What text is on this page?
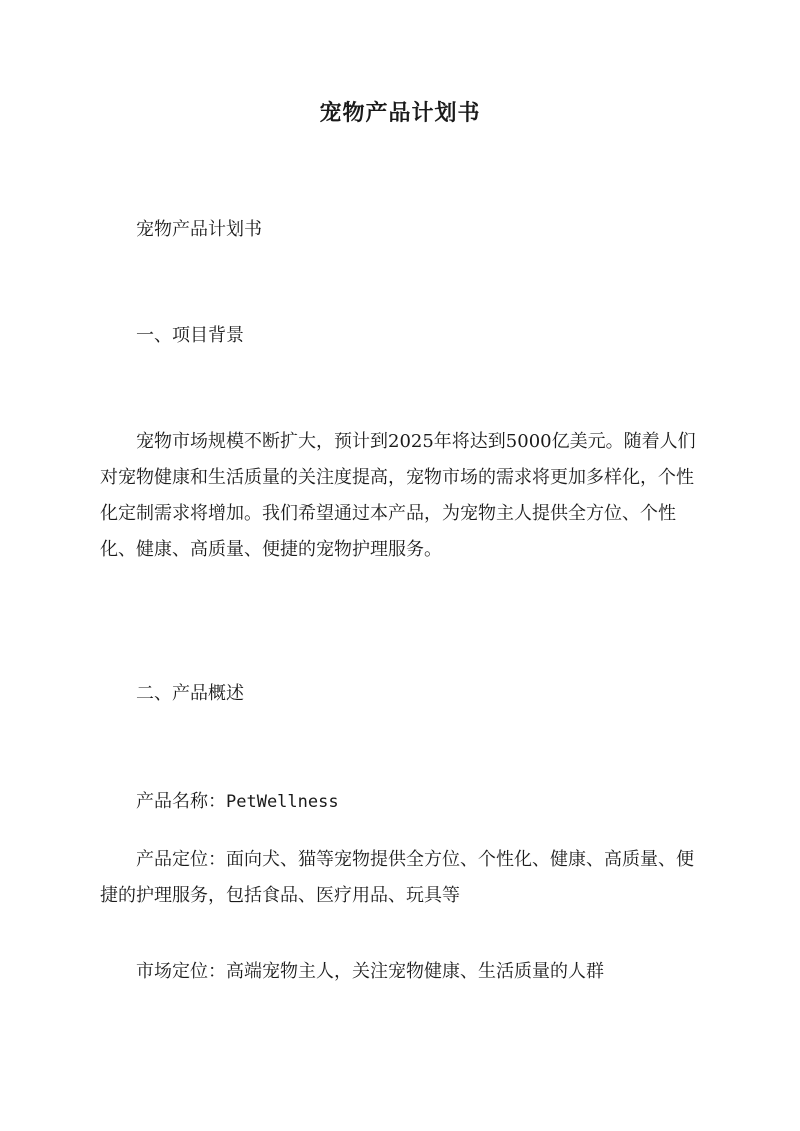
宠物产品计划书

宠物产品计划书

一、项目背景

宠物市场规模不断扩大，预计到2025年将达到5000亿美元。随着人们对宠物健康和生活质量的关注度提高，宠物市场的需求将更加多样化，个性化定制需求将增加。我们希望通过本产品，为宠物主人提供全方位、个性化、健康、高质量、便捷的宠物护理服务。

二、产品概述

产品名称：PetWellness

产品定位：面向犬、猫等宠物提供全方位、个性化、健康、高质量、便捷的护理服务，包括食品、医疗用品、玩具等

市场定位：高端宠物主人，关注宠物健康、生活质量的人群
